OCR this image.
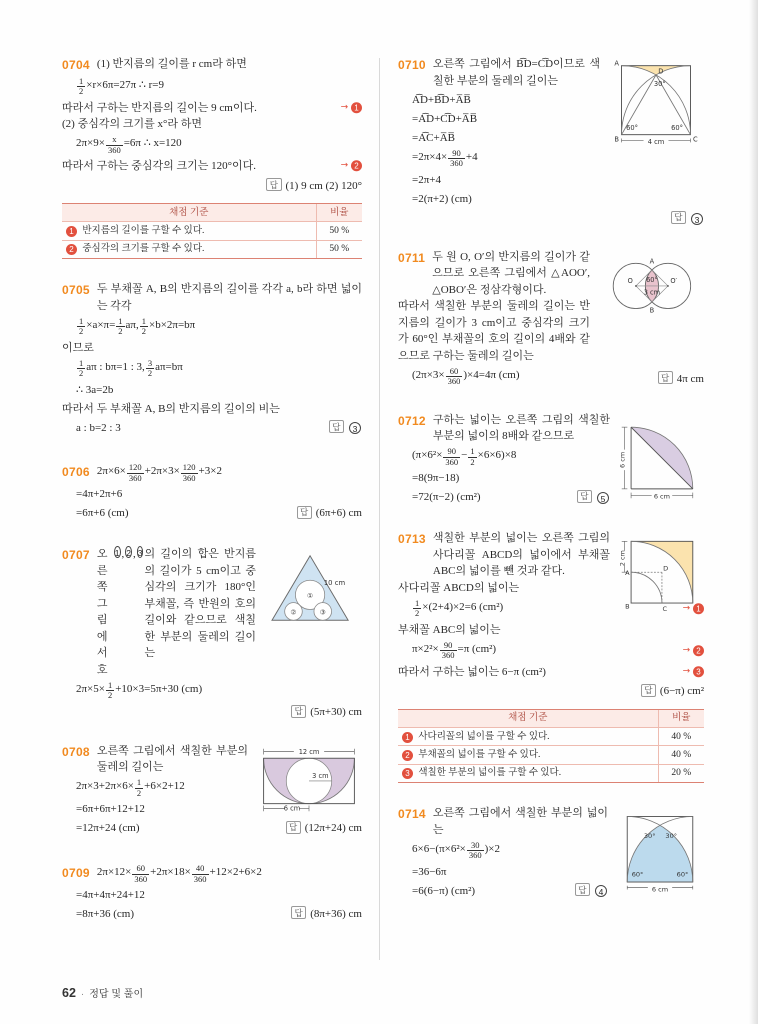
0704 (1) 반지름의 길이를 r cm라 하면
$\frac{1}{2} \times r\times 6\pi=27\pi$ ∴ r=9
따라서 구하는 반지름의 길이는 9 cm이다.	→ 1
(2) 중심각의 크기를 x°라 하면
$2\pi\times 9\times \frac{x}{360} =6\pi$ ∴ x=120
따라서 구하는 중심각의 크기는 120°이다.	→ 2
답 (1) 9 cm (2) 120°
채점 기준	비율
1 반지름의 길이를 구할 수 있다.	50 %
2 중심각의 크기를 구할 수 있다.	50 %
0705 두 부채꼴 A, B의 반지름의 길이를 각각 a, b라 하면 넓이는 각각
$\frac{1}{2} \times a\times\pi= \frac{1}{2} a\pi$, $\frac{1}{2} \times b\times 2\pi=b\pi$
이므로
$\frac{1}{2}$ aπ : bπ=1 : 3, $\frac{3}{2} a\pi=b\pi$
∴ 3a=2b
따라서 두 부채꼴 A, B의 반지름의 길이의 비는
a : b=2 : 3	답 3
0706 $2\pi\times 6\times \frac{120}{360} +2\pi\times 3\times \frac{120}{360} +3\times 2$
=4π+2π+6
=6π+6 (cm)	답 (6π+6) cm
①
②	③
10 cm
0707 오른쪽 그림에서 호
1 , 2 , 3 의 길이의 합은 반지름의 길이가 5 cm이고 중심각의 크기가 180°인 부채꼴, 즉 반원의 호의 길이와 같으므로 색칠한 부분의 둘레의 길이는
$2\pi\times 5\times \frac{1}{2} +10\times 3=5\pi+30$ (cm)
답 (5π+30) cm
12 cm
3 cm
6 cm
0708 오른쪽 그림에서 색칠한 부분의 둘레의 길이는
$2\pi\times 3+2\pi\times 6\times \frac{1}{2} +6\times 2+12$
=6π+6π+12+12
=12π+24 (cm)	답 (12π+24) cm
0709 $2\pi\times 12\times \frac{60}{360} +2\pi\times 18\times \frac{40}{360} +12\times 2+6\times 2$
=4π+4π+24+12
=8π+36 (cm)	답 (8π+36) cm
A
D
B	C
30°
60°	60°
4 cm
0710 오른쪽 그림에서 B͡D=C͡D이므로 색칠한 부분의 둘레의 길이는
A͡D+B͡D+A̅B̅
=A͡D+C͡D+A̅B̅
=A͡C+A̅B̅
$=2\pi\times 4\times \frac{90}{360} +4$
=2π+4
=2(π+2) (cm)
답 3
A
B
O	O′
60°
3 cm
0711 두 원 O, O′의 반지름의 길이가 같으므로 오른쪽 그림에서 △AOO′, △OBO′은 정삼각형이다.
따라서 색칠한 부분의 둘레의 길이는 반지름의 길이가 3 cm이고 중심각의 크기가 60°인 부채꼴의 호의 길이의 4배와 같으므로 구하는 둘레의 길이는
$(2\pi\times 3\times \frac{60}{360} )\times 4=4\pi$ (cm)	답 4π cm
6 cm
6 cm
0712 구하는 넓이는 오른쪽 그림의 색칠한 부분의 넓이의 8배와 같으므로
$(\pi\times 6^2\times \frac{90}{360} - \frac{1}{2} \times 6\times 6)\times 8$
=8(9π−18)
=72(π−2) (cm²)	답 5
2 cm
A
D
B	C
0713 색칠한 부분의 넓이는 오른쪽 그림의 사다리꼴 ABCD의 넓이에서 부채꼴 ABC의 넓이를 뺀 것과 같다.
사다리꼴 ABCD의 넓이는
$\frac{1}{2} \times(2+4)\times 2=6$ (cm²)	→ 1
부채꼴 ABC의 넓이는
$\pi\times 2^2\times \frac{90}{360} =\pi$ (cm²)	→ 2
따라서 구하는 넓이는 6−π (cm²)	→ 3
답 (6−π) cm²
채점 기준	비율
1 사다리꼴의 넓이를 구할 수 있다.	40 %
2 부채꼴의 넓이를 구할 수 있다.	40 %
3 색칠한 부분의 넓이를 구할 수 있다.	20 %
30° 30°
60°	60°
6 cm
0714 오른쪽 그림에서 색칠한 부분의 넓이는
$6\times 6-(\pi\times 6^2\times \frac{30}{360} )\times 2$
=36−6π
=6(6−π) (cm²)	답 4
62 · 정답 및 풀이
